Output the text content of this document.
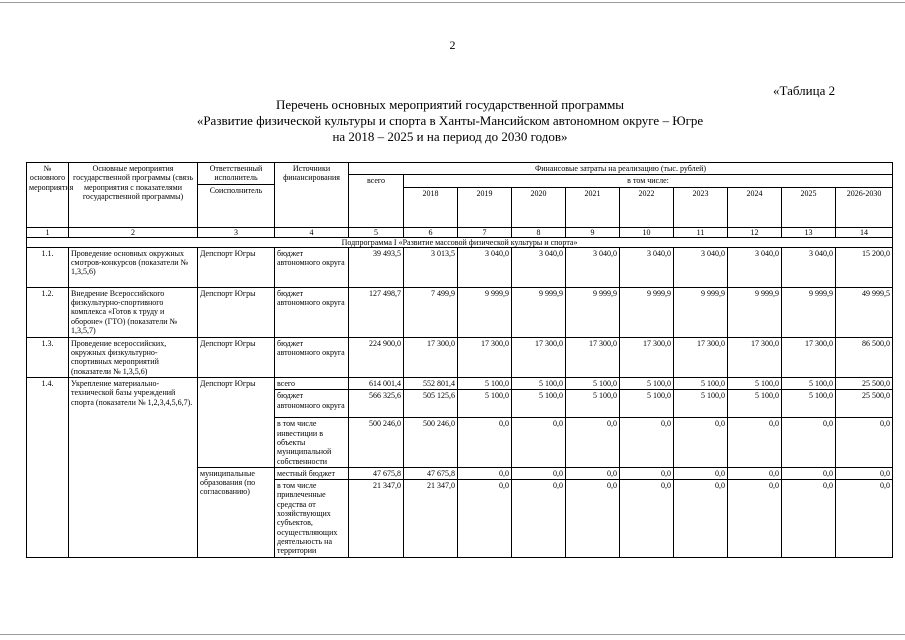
2
«Таблица 2
Перечень основных мероприятий государственной программы
«Развитие физической культуры и спорта в Ханты-Мансийском автономном округе – Югре
на 2018 – 2025 и на период до 2030 годов»
№ основного мероприятия	Основные мероприятия государственной программы (связь мероприятия с показателями государственной программы)	Ответственный исполнитель
Соисполнитель	Источники финансирования	Финансовые затраты на реализацию (тыс. рублей)									
				всего	в том числе:								
					2018	2019	2020	2021	2022	2023	2024	2025	2026-2030
1	2	3	4	5	6	7	8	9	10	11	12	13	14
Подпрограмма I «Развитие массовой физической культуры и спорта»													
1.1.	Проведение основных окружных смотров-конкурсов (показатели № 1,3,5,6)	Депспорт Югры	бюджет автономного округа	39 493,5	3 013,5	3 040,0	3 040,0	3 040,0	3 040,0	3 040,0	3 040,0	3 040,0	15 200,0
1.2.	Внедрение Всероссийского физкультурно-спортивного комплекса «Готов к труду и обороне» (ГТО) (показатели № 1,3,5,7)	Депспорт Югры	бюджет автономного округа	127 498,7	7 499,9	9 999,9	9 999,9	9 999,9	9 999,9	9 999,9	9 999,9	9 999,9	49 999,5
1.3.	Проведение всероссийских, окружных физкультурно-спортивных мероприятий (показатели № 1,3,5,6)	Депспорт Югры	бюджет автономного округа	224 900,0	17 300,0	17 300,0	17 300,0	17 300,0	17 300,0	17 300,0	17 300,0	17 300,0	86 500,0
1.4.	Укрепление материально-технической базы учреждений спорта (показатели № 1,2,3,4,5,6,7).	Депспорт Югры	всего	614 001,4	552 801,4	5 100,0	5 100,0	5 100,0	5 100,0	5 100,0	5 100,0	5 100,0	25 500,0
			бюджет автономного округа	566 325,6	505 125,6	5 100,0	5 100,0	5 100,0	5 100,0	5 100,0	5 100,0	5 100,0	25 500,0
			в том числе инвестиции в объекты муниципальной собственности	500 246,0	500 246,0	0,0	0,0	0,0	0,0	0,0	0,0	0,0	0,0
		муниципальные образования (по согласованию)	местный бюджет	47 675,8	47 675,8	0,0	0,0	0,0	0,0	0,0	0,0	0,0	0,0
			в том числе привлеченные средства от хозяйствующих субъектов, осуществляющих деятельность на территории	21 347,0	21 347,0	0,0	0,0	0,0	0,0	0,0	0,0	0,0	0,0
